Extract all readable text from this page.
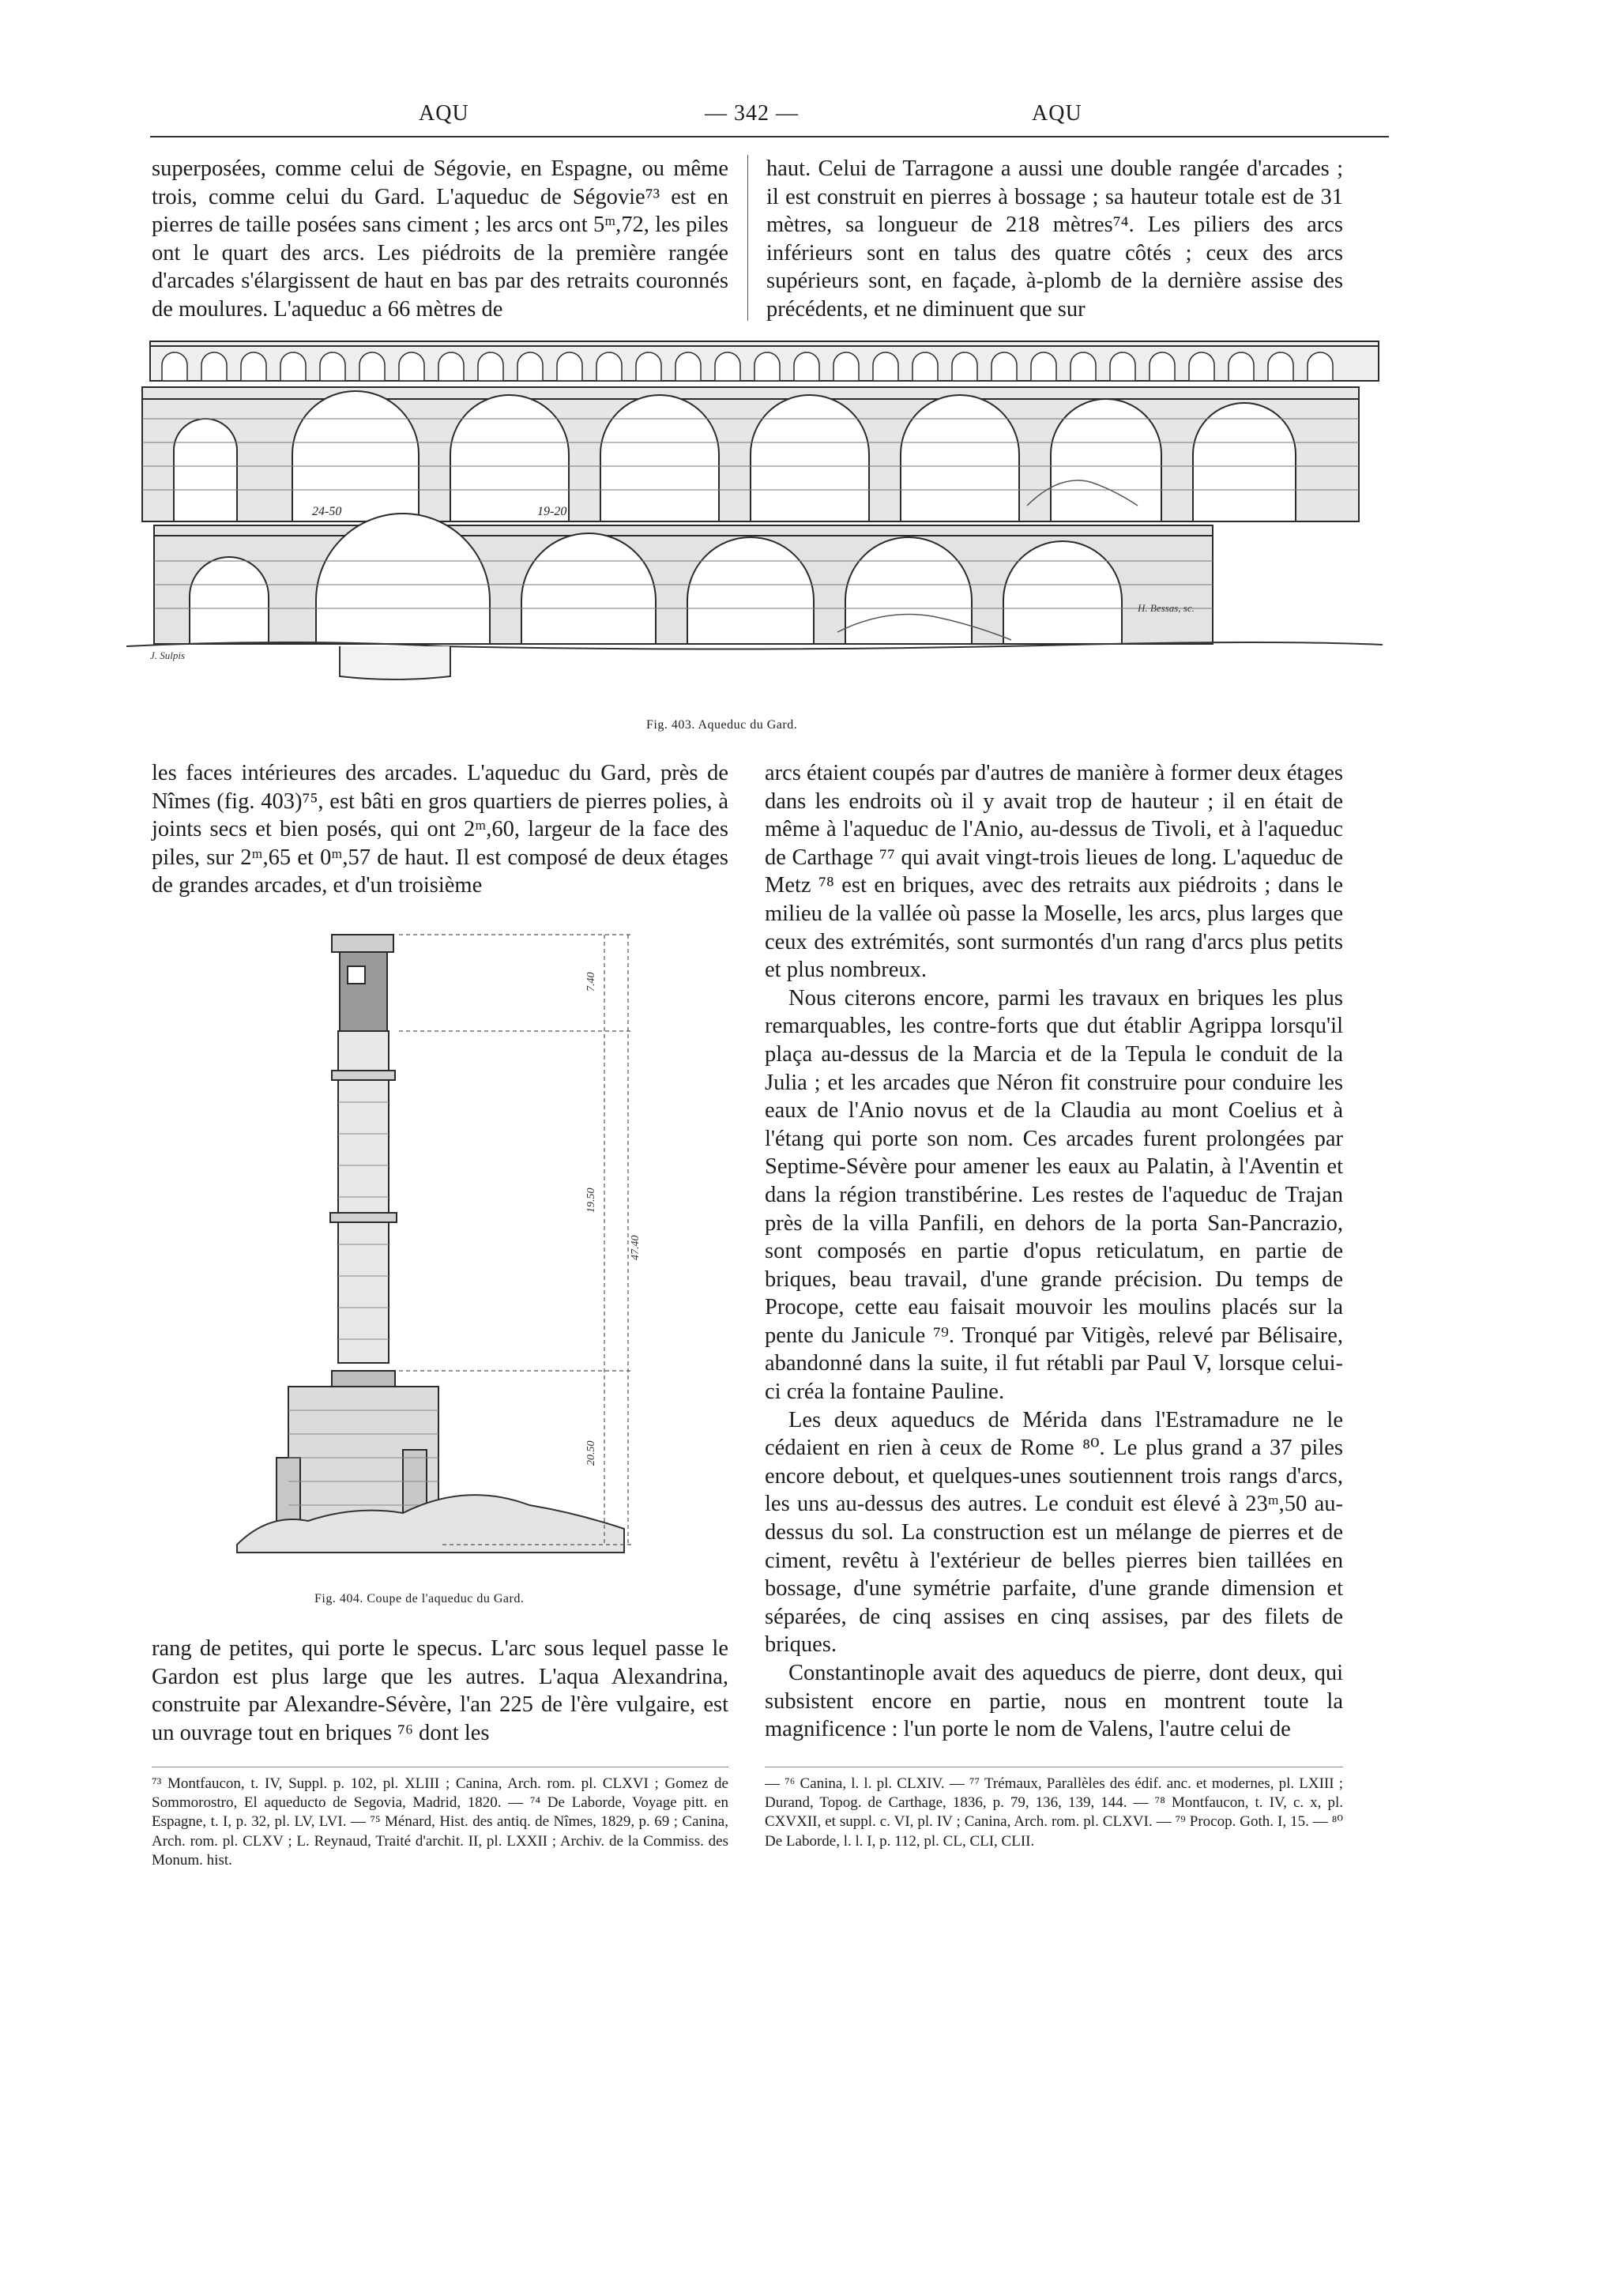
AQU	— 342 —	AQU

superposées, comme celui de Ségovie, en Espagne, ou même trois, comme celui du Gard. L'aqueduc de Ségovie⁷³ est en pierres de taille posées sans ciment ; les arcs ont 5ᵐ,72, les piles ont le quart des arcs. Les piédroits de la première rangée d'arcades s'élargissent de haut en bas par des retraits couronnés de moulures. L'aqueduc a 66 mètres de

haut. Celui de Tarragone a aussi une double rangée d'arcades ; il est construit en pierres à bossage ; sa hauteur totale est de 31 mètres, sa longueur de 218 mètres⁷⁴. Les piliers des arcs inférieurs sont en talus des quatre côtés ; ceux des arcs supérieurs sont, en façade, à-plomb de la dernière assise des précédents, et ne diminuent que sur

24-50	19-20
J. Sulpis
H. Bessas, sc.
Fig. 403. Aqueduc du Gard.

les faces intérieures des arcades. L'aqueduc du Gard, près de Nîmes (fig. 403)⁷⁵, est bâti en gros quartiers de pierres polies, à joints secs et bien posés, qui ont 2ᵐ,60, largeur de la face des piles, sur 2ᵐ,65 et 0ᵐ,57 de haut. Il est composé de deux étages de grandes arcades, et d'un troisième

7.40
19.50
47.40
20.50
Fig. 404. Coupe de l'aqueduc du Gard.

rang de petites, qui porte le specus. L'arc sous lequel passe le Gardon est plus large que les autres. L'aqua Alexandrina, construite par Alexandre-Sévère, l'an 225 de l'ère vulgaire, est un ouvrage tout en briques ⁷⁶ dont les

arcs étaient coupés par d'autres de manière à former deux étages dans les endroits où il y avait trop de hauteur ; il en était de même à l'aqueduc de l'Anio, au-dessus de Tivoli, et à l'aqueduc de Carthage ⁷⁷ qui avait vingt-trois lieues de long. L'aqueduc de Metz ⁷⁸ est en briques, avec des retraits aux piédroits ; dans le milieu de la vallée où passe la Moselle, les arcs, plus larges que ceux des extrémités, sont surmontés d'un rang d'arcs plus petits et plus nombreux.

Nous citerons encore, parmi les travaux en briques les plus remarquables, les contre-forts que dut établir Agrippa lorsqu'il plaça au-dessus de la Marcia et de la Tepula le conduit de la Julia ; et les arcades que Néron fit construire pour conduire les eaux de l'Anio novus et de la Claudia au mont Coelius et à l'étang qui porte son nom. Ces arcades furent prolongées par Septime-Sévère pour amener les eaux au Palatin, à l'Aventin et dans la région transtibérine. Les restes de l'aqueduc de Trajan près de la villa Panfili, en dehors de la porta San-Pancrazio, sont composés en partie d'opus reticulatum, en partie de briques, beau travail, d'une grande précision. Du temps de Procope, cette eau faisait mouvoir les moulins placés sur la pente du Janicule ⁷⁹. Tronqué par Vitigès, relevé par Bélisaire, abandonné dans la suite, il fut rétabli par Paul V, lorsque celui-ci créa la fontaine Pauline.

Les deux aqueducs de Mérida dans l'Estramadure ne le cédaient en rien à ceux de Rome ⁸⁰. Le plus grand a 37 piles encore debout, et quelques-unes soutiennent trois rangs d'arcs, les uns au-dessus des autres. Le conduit est élevé à 23ᵐ,50 au-dessus du sol. La construction est un mélange de pierres et de ciment, revêtu à l'extérieur de belles pierres bien taillées en bossage, d'une symétrie parfaite, d'une grande dimension et séparées, de cinq assises en cinq assises, par des filets de briques.

Constantinople avait des aqueducs de pierre, dont deux, qui subsistent encore en partie, nous en montrent toute la magnificence : l'un porte le nom de Valens, l'autre celui de

⁷³ Montfaucon, t. IV, Suppl. p. 102, pl. XLIII ; Canina, Arch. rom. pl. CLXVI ; Gomez de Sommorostro, El aqueducto de Segovia, Madrid, 1820. — ⁷⁴ De Laborde, Voyage pitt. en Espagne, t. I, p. 32, pl. LV, LVI. — ⁷⁵ Ménard, Hist. des antiq. de Nîmes, 1829, p. 69 ; Canina, Arch. rom. pl. CLXV ; L. Reynaud, Traité d'archit. II, pl. LXXII ; Archiv. de la Commiss. des Monum. hist.

— ⁷⁶ Canina, l. l. pl. CLXIV. — ⁷⁷ Trémaux, Parallèles des édif. anc. et modernes, pl. LXIII ; Durand, Topog. de Carthage, 1836, p. 79, 136, 139, 144. — ⁷⁸ Montfaucon, t. IV, c. x, pl. CXVXII, et suppl. c. VI, pl. IV ; Canina, Arch. rom. pl. CLXVI. — ⁷⁹ Procop. Goth. I, 15. — ⁸⁰ De Laborde, l. l. I, p. 112, pl. CL, CLI, CLII.
